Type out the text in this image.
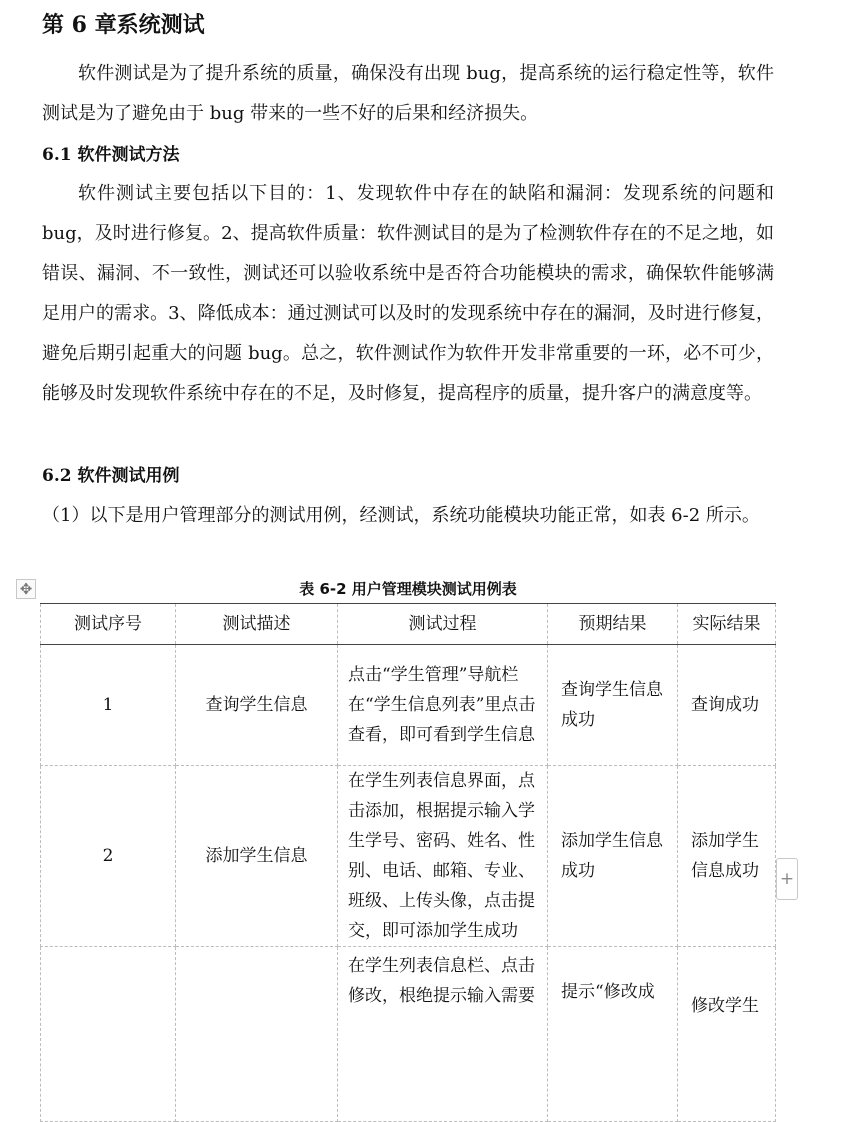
第 6 章系统测试

软件测试是为了提升系统的质量，确保没有出现 bug，提高系统的运行稳定性等，软件测试是为了避免由于 bug 带来的一些不好的后果和经济损失。

6.1 软件测试方法

软件测试主要包括以下目的：1、发现软件中存在的缺陷和漏洞：发现系统的问题和 bug，及时进行修复。2、提高软件质量：软件测试目的是为了检测软件存在的不足之地，如错误、漏洞、不一致性，测试还可以验收系统中是否符合功能模块的需求，确保软件能够满足用户的需求。3、降低成本：通过测试可以及时的发现系统中存在的漏洞，及时进行修复，避免后期引起重大的问题 bug。总之，软件测试作为软件开发非常重要的一环，必不可少，能够及时发现软件系统中存在的不足，及时修复，提高程序的质量，提升客户的满意度等。

6.2 软件测试用例

（1）以下是用户管理部分的测试用例，经测试，系统功能模块功能正常，如表 6-2 所示。

✥	表 6-2 用户管理模块测试用例表
测试序号	测试描述	测试过程	预期结果	实际结果
1	查询学生信息	点击“学生管理”导航栏在“学生信息列表”里点击查看，即可看到学生信息	查询学生信息成功	查询成功
2	添加学生信息	在学生列表信息界面，点击添加，根据提示输入学生学号、密码、姓名、性别、电话、邮箱、专业、班级、上传头像，点击提交，即可添加学生成功	添加学生信息成功	添加学生信息成功
		在学生列表信息栏、点击修改，根绝提示输入需要	提示“修改成	修改学生
+
